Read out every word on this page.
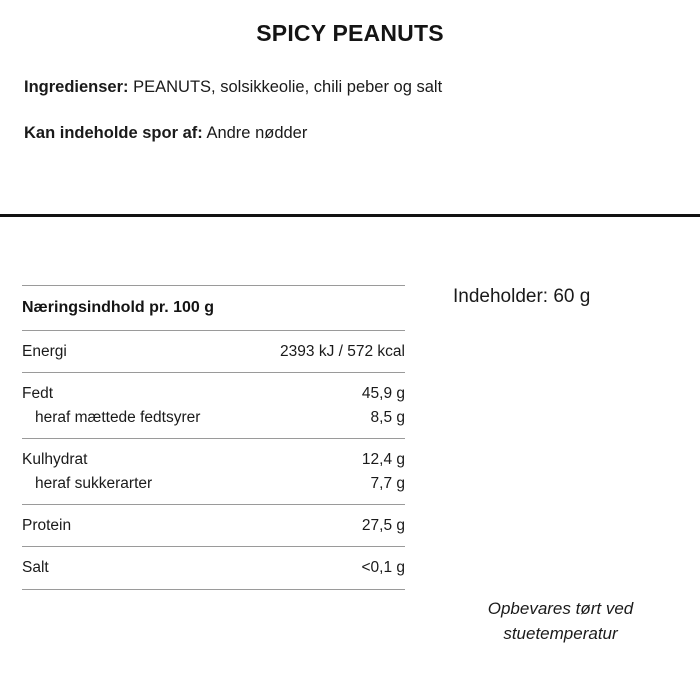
SPICY PEANUTS
Ingredienser: PEANUTS, solsikkeolie, chili peber og salt
Kan indeholde spor af: Andre nødder

Næringsindhold pr. 100 g	

Energi	2393 kJ / 572 kcal

Fedt	45,9 g
heraf mættede fedtsyrer	8,5 g

Kulhydrat	12,4 g
heraf sukkerarter	7,7 g

Protein	27,5 g

Salt	<0,1 g

Indeholder: 60 g
Opbevares tørt ved
stuetemperatur
